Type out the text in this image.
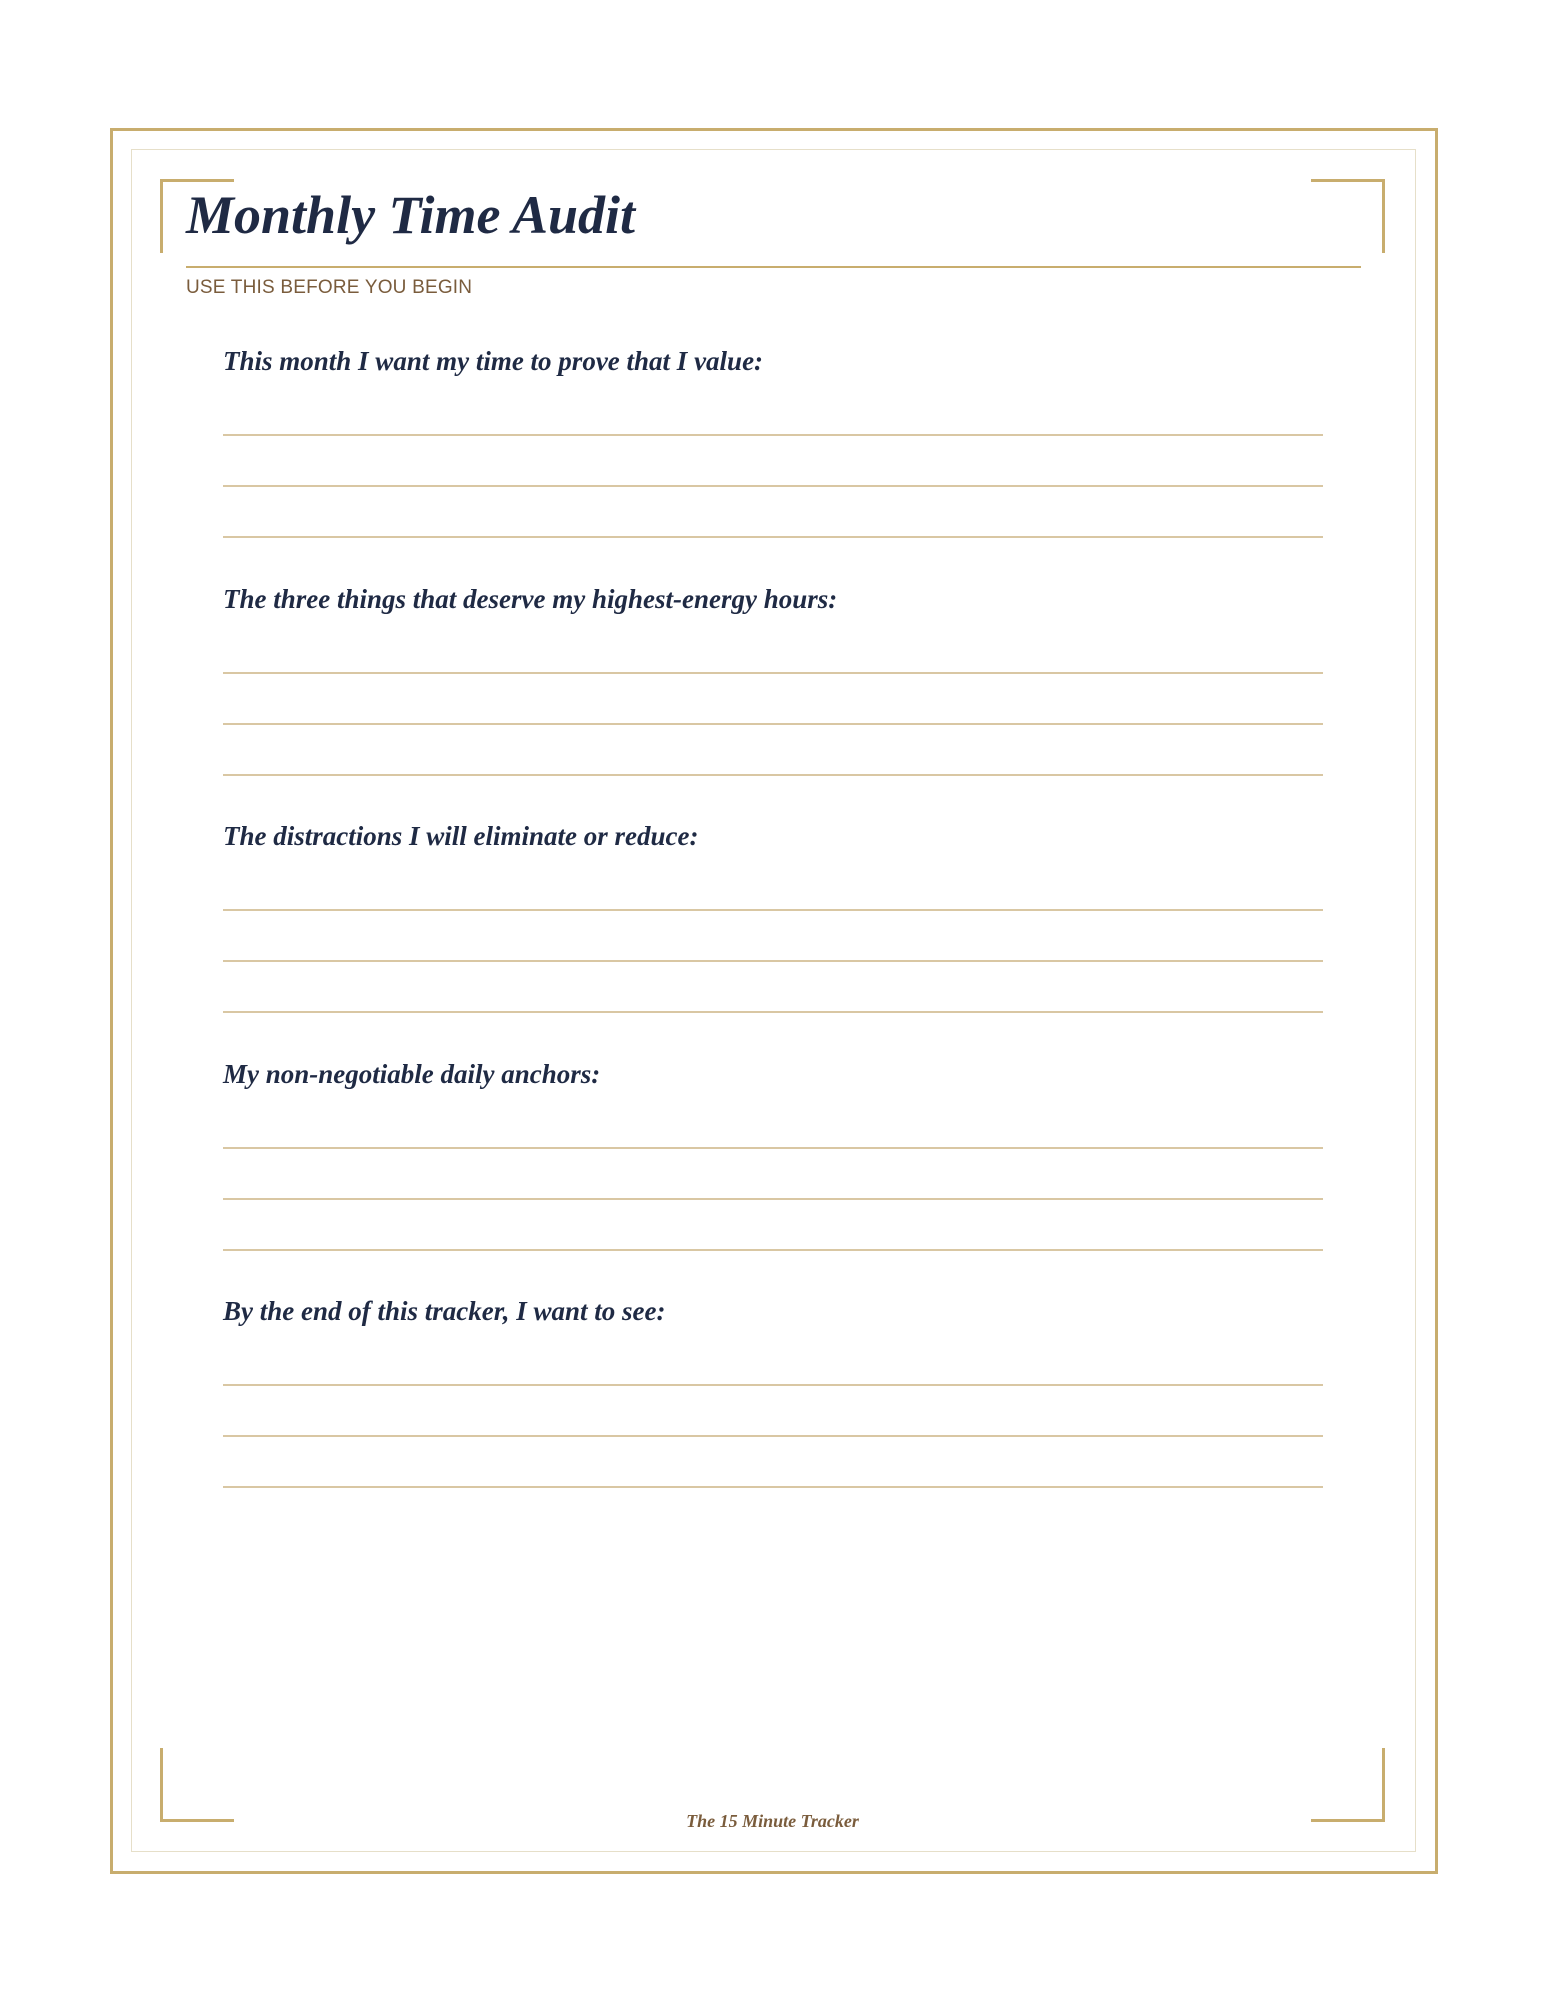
Monthly Time Audit
USE THIS BEFORE YOU BEGIN

This month I want my time to prove that I value:

The three things that deserve my highest-energy hours:

The distractions I will eliminate or reduce:

My non-negotiable daily anchors:

By the end of this tracker, I want to see:

The 15 Minute Tracker
